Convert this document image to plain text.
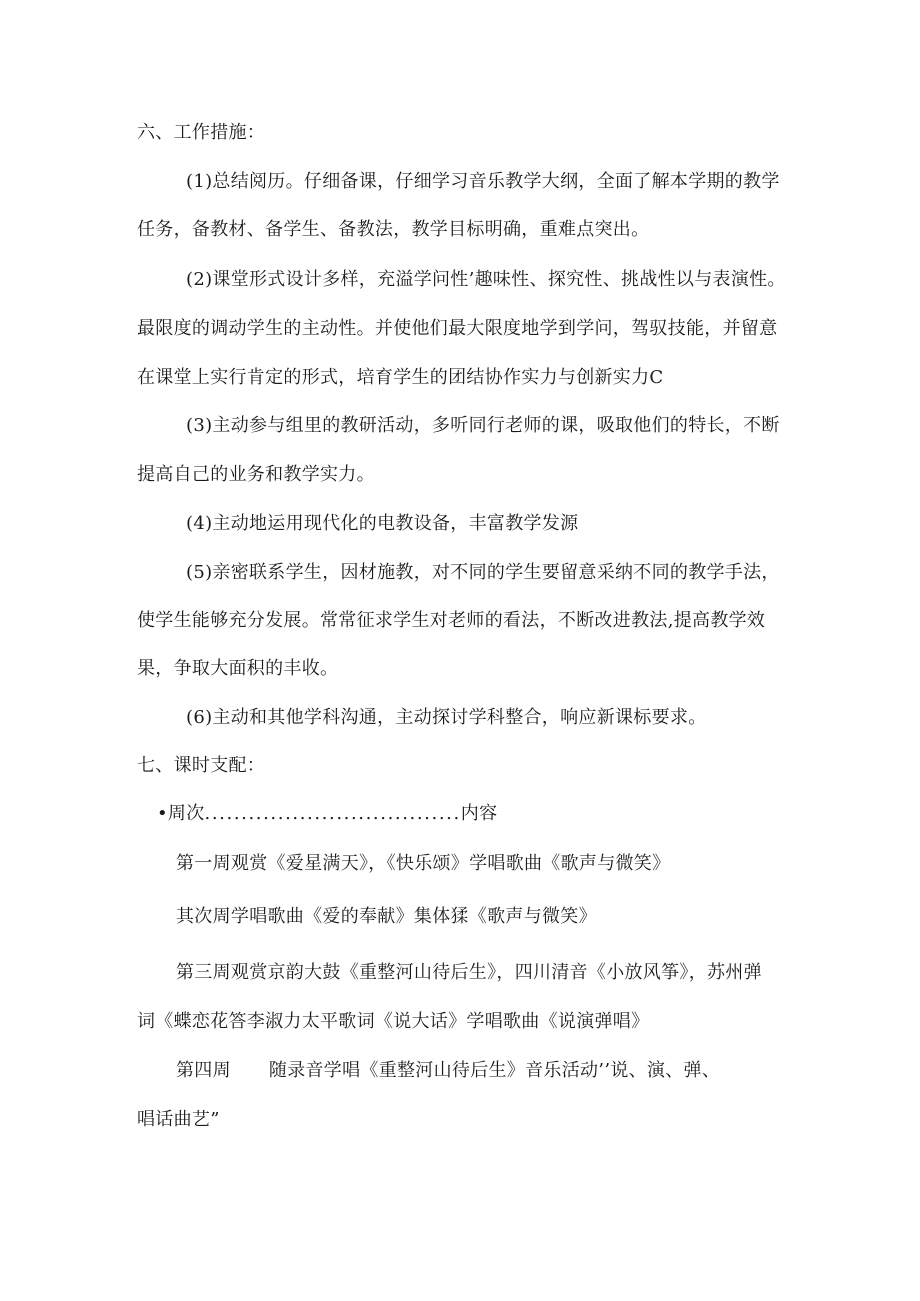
六、工作措施：
(1)总结阅历。仔细备课，仔细学习音乐教学大纲，全面了解本学期的教学
任务，备教材、备学生、备教法，教学目标明确，重难点突出。
(2)课堂形式设计多样，充溢学问性’趣味性、探究性、挑战性以与表演性。
最限度的调动学生的主动性。并使他们最大限度地学到学问，驾驭技能，并留意
在课堂上实行肯定的形式，培育学生的团结协作实力与创新实力C
(3)主动参与组里的教研活动，多听同行老师的课，吸取他们的特长，不断
提高自己的业务和教学实力。
(4)主动地运用现代化的电教设备，丰富教学发源
(5)亲密联系学生，因材施教，对不同的学生要留意采纳不同的教学手法，
使学生能够充分发展。常常征求学生对老师的看法，不断改进教法,提高教学效
果，争取大面积的丰收。
(6)主动和其他学科沟通，主动探讨学科整合，响应新课标要求。
七、课时支配：
•周次...................................内容
第一周观赏《爱星满天》，《快乐颂》学唱歌曲《歌声与微笑》
其次周学唱歌曲《爱的奉献》集体猱《歌声与微笑》
第三周观赏京韵大鼓《重整河山待后生》，四川清音《小放风筝》，苏州弹
词《蝶恋花答李淑力太平歌词《说大话》学唱歌曲《说演弹唱》
第四周 随录音学唱《重整河山待后生》音乐活动’’说、演、弹、
唱话曲艺”
